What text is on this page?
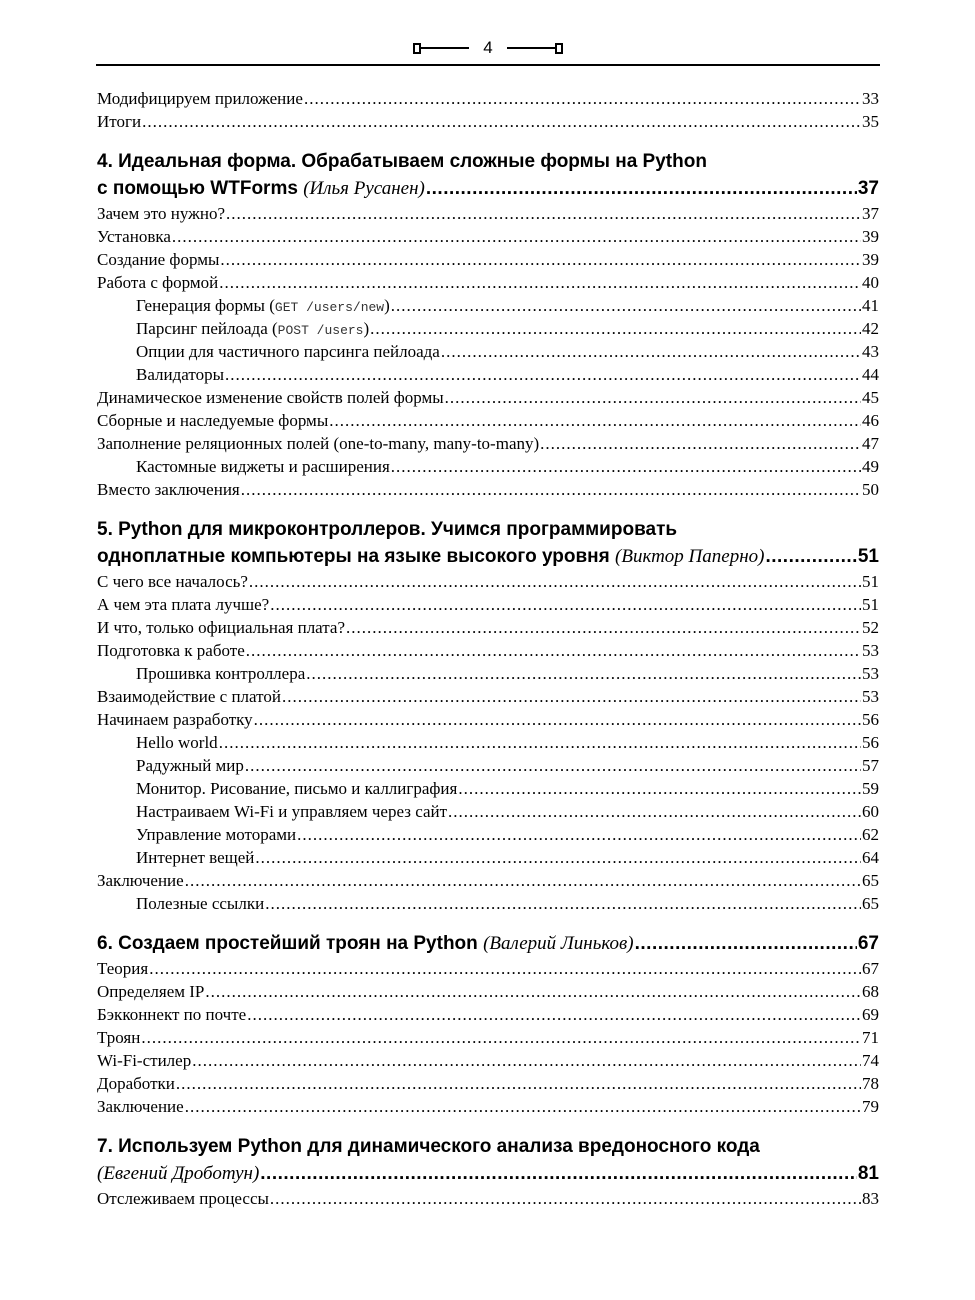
4
Модифицируем приложение .....	33
Итоги .....	35
4. Идеальная форма. Обрабатываем сложные формы на Python
с помощью WTForms (Илья Русанен) .....	37
Зачем это нужно? .....	37
Установка .....	39
Создание формы .....	39
Работа с формой .....	40
Генерация формы (GET /users/new) .....	41
Парсинг пейлоада (POST /users) .....	42
Опции для частичного парсинга пейлоада .....	43
Валидаторы .....	44
Динамическое изменение свойств полей формы .....	45
Сборные и наследуемые формы .....	46
Заполнение реляционных полей (one-to-many, many-to-many) .....	47
Кастомные виджеты и расширения .....	49
Вместо заключения .....	50
5. Python для микроконтроллеров. Учимся программировать
одноплатные компьютеры на языке высокого уровня (Виктор Паперно) .....	51
С чего все началось? .....	51
А чем эта плата лучше? .....	51
И что, только официальная плата? .....	52
Подготовка к работе .....	53
Прошивка контроллера .....	53
Взаимодействие с платой .....	53
Начинаем разработку .....	56
Hello world .....	56
Радужный мир .....	57
Монитор. Рисование, письмо и каллиграфия .....	59
Настраиваем Wi-Fi и управляем через сайт .....	60
Управление моторами .....	62
Интернет вещей .....	64
Заключение .....	65
Полезные ссылки .....	65
6. Создаем простейший троян на Python (Валерий Линьков) .....	67
Теория .....	67
Определяем IP .....	68
Бэкконнект по почте .....	69
Троян .....	71
Wi-Fi-стилер .....	74
Доработки .....	78
Заключение .....	79
7. Используем Python для динамического анализа вредоносного кода
(Евгений Дроботун) .....	81
Отслеживаем процессы .....	83
